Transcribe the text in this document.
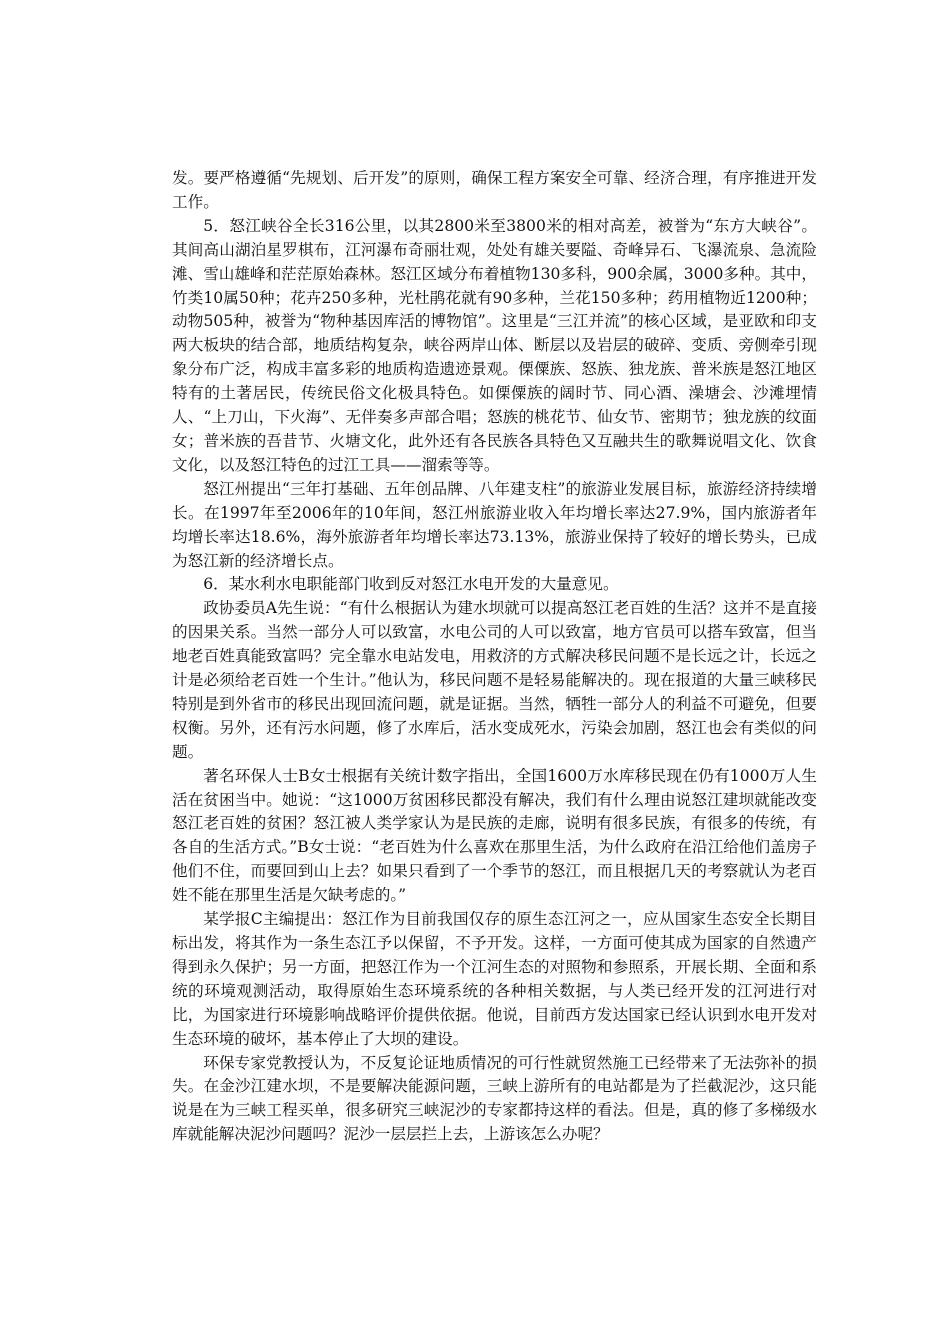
发。要严格遵循“先规划、后开发”的原则，确保工程方案安全可靠、经济合理，有序推进开发工作。

5．怒江峡谷全长316公里，以其2800米至3800米的相对高差，被誉为“东方大峡谷”。其间高山湖泊星罗棋布，江河瀑布奇丽壮观，处处有雄关要隘、奇峰异石、飞瀑流泉、急流险滩、雪山雄峰和茫茫原始森林。怒江区域分布着植物130多科，900余属，3000多种。其中，竹类10属50种；花卉250多种，光杜鹃花就有90多种，兰花150多种；药用植物近1200种；动物505种，被誉为“物种基因库活的博物馆”。这里是“三江并流”的核心区域，是亚欧和印支两大板块的结合部，地质结构复杂，峡谷两岸山体、断层以及岩层的破碎、变质、旁侧牵引现象分布广泛，构成丰富多彩的地质构造遗迹景观。傈僳族、怒族、独龙族、普米族是怒江地区特有的土著居民，传统民俗文化极具特色。如傈僳族的阔时节、同心酒、澡塘会、沙滩埋情人、“上刀山，下火海”、无伴奏多声部合唱；怒族的桃花节、仙女节、密期节；独龙族的纹面女；普米族的吾昔节、火塘文化，此外还有各民族各具特色又互融共生的歌舞说唱文化、饮食文化，以及怒江特色的过江工具——溜索等等。

怒江州提出“三年打基础、五年创品牌、八年建支柱”的旅游业发展目标，旅游经济持续增长。在1997年至2006年的10年间，怒江州旅游业收入年均增长率达27.9%，国内旅游者年均增长率达18.6%，海外旅游者年均增长率达73.13%，旅游业保持了较好的增长势头，已成为怒江新的经济增长点。

6．某水利水电职能部门收到反对怒江水电开发的大量意见。

政协委员A先生说：“有什么根据认为建水坝就可以提高怒江老百姓的生活？这并不是直接的因果关系。当然一部分人可以致富，水电公司的人可以致富，地方官员可以搭车致富，但当地老百姓真能致富吗？完全靠水电站发电，用救济的方式解决移民问题不是长远之计，长远之计是必须给老百姓一个生计。”他认为，移民问题不是轻易能解决的。现在报道的大量三峡移民特别是到外省市的移民出现回流问题，就是证据。当然，牺牲一部分人的利益不可避免，但要权衡。另外，还有污水问题，修了水库后，活水变成死水，污染会加剧，怒江也会有类似的问题。

著名环保人士B女士根据有关统计数字指出，全国1600万水库移民现在仍有1000万人生活在贫困当中。她说：“这1000万贫困移民都没有解决，我们有什么理由说怒江建坝就能改变怒江老百姓的贫困？怒江被人类学家认为是民族的走廊，说明有很多民族，有很多的传统，有各自的生活方式。”B女士说：“老百姓为什么喜欢在那里生活，为什么政府在沿江给他们盖房子他们不住，而要回到山上去？如果只看到了一个季节的怒江，而且根据几天的考察就认为老百姓不能在那里生活是欠缺考虑的。”

某学报C主编提出：怒江作为目前我国仅存的原生态江河之一，应从国家生态安全长期目标出发，将其作为一条生态江予以保留，不予开发。这样，一方面可使其成为国家的自然遗产得到永久保护；另一方面，把怒江作为一个江河生态的对照物和参照系，开展长期、全面和系统的环境观测活动，取得原始生态环境系统的各种相关数据，与人类已经开发的江河进行对比，为国家进行环境影响战略评价提供依据。他说，目前西方发达国家已经认识到水电开发对生态环境的破坏，基本停止了大坝的建设。

环保专家党教授认为，不反复论证地质情况的可行性就贸然施工已经带来了无法弥补的损失。在金沙江建水坝，不是要解决能源问题，三峡上游所有的电站都是为了拦截泥沙，这只能说是在为三峡工程买单，很多研究三峡泥沙的专家都持这样的看法。但是，真的修了多梯级水库就能解决泥沙问题吗？泥沙一层层拦上去，上游该怎么办呢？
